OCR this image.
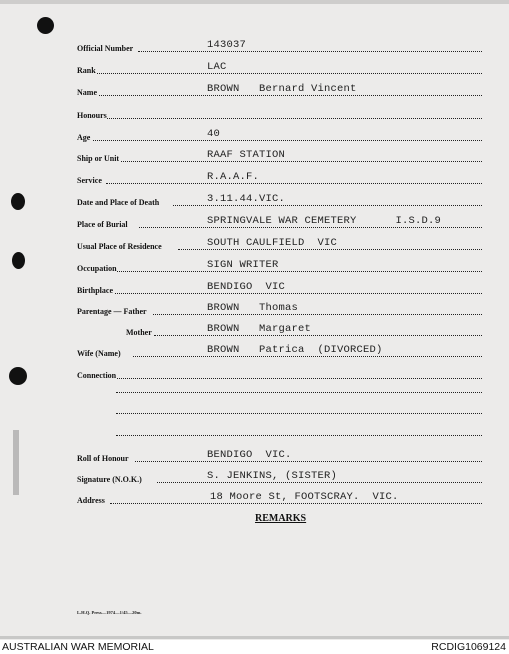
Official Number	143037
Rank	LAC
Name	BROWN   Bernard Vincent
Honours
Age	40
Ship or Unit	RAAF STATION
Service	R.A.A.F.
Date and Place of Death	3.11.44.VIC.
Place of Burial	SPRINGVALE WAR CEMETERY      I.S.D.9
Usual Place of Residence	SOUTH CAULFIELD  VIC
Occupation	SIGN WRITER
Birthplace	BENDIGO  VIC
Parentage — Father	BROWN   Thomas
Mother	BROWN   Margaret
Wife (Name)	BROWN   Patrica  (DIVORCED)
Connection
Roll of Honour	BENDIGO  VIC.
Signature (N.O.K.)	S. JENKINS, (SISTER)
Address	18 Moore St, FOOTSCRAY.  VIC.
REMARKS
L.H.Q. Press—1974—1/45—20m.
AUSTRALIAN WAR MEMORIAL	RCDIG1069124
